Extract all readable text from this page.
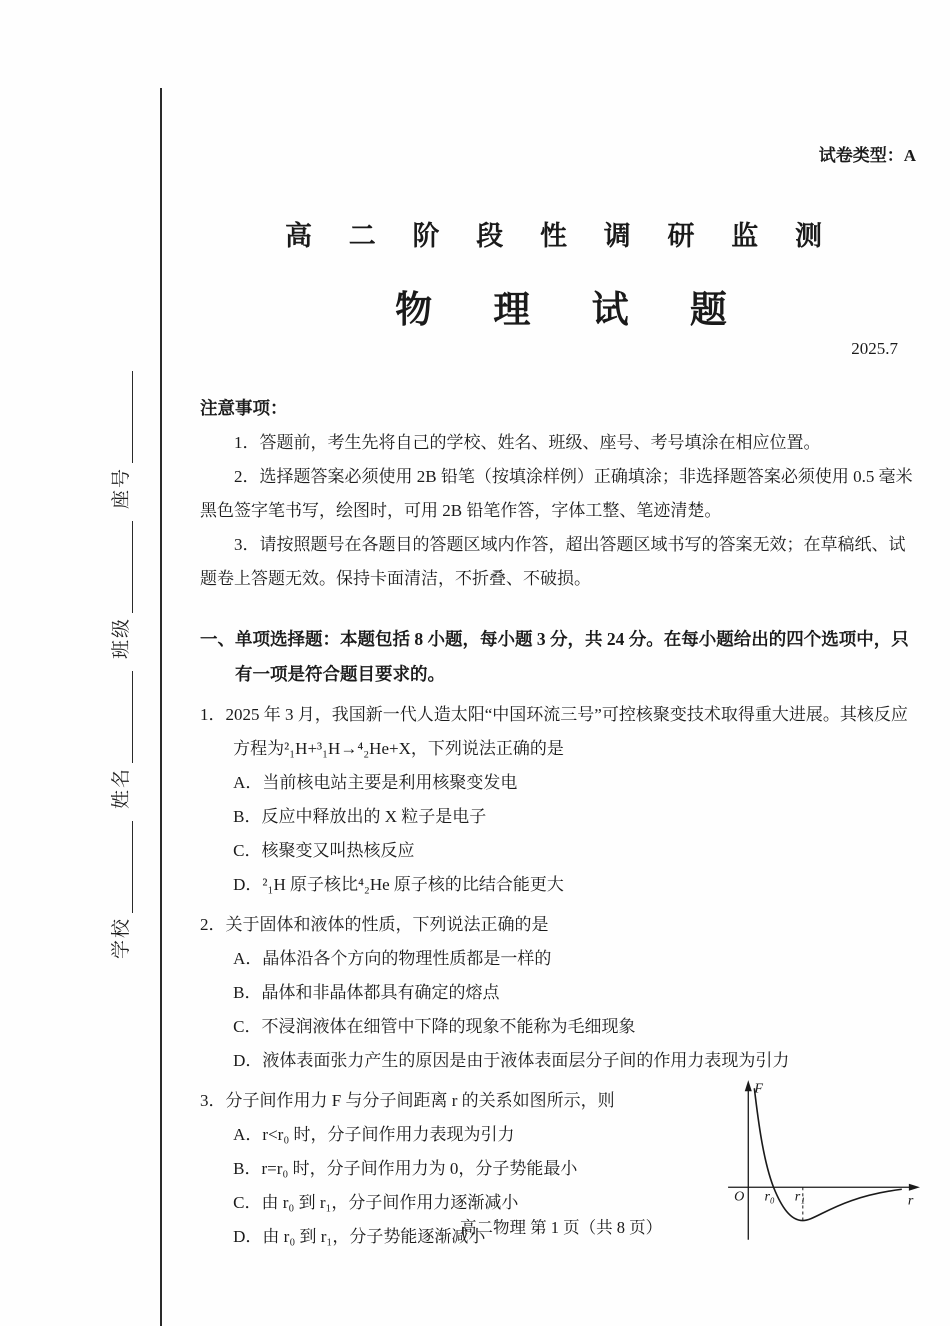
学校
姓名
班级
座号
试卷类型：A
高 二 阶 段 性 调 研 监 测
物 理 试 题
2025.7
注意事项：

1．答题前，考生先将自己的学校、姓名、班级、座号、考号填涂在相应位置。

2．选择题答案必须使用 2B 铅笔（按填涂样例）正确填涂；非选择题答案必须使用 0.5 毫米黑色签字笔书写，绘图时，可用 2B 铅笔作答，字体工整、笔迹清楚。

3．请按照题号在各题目的答题区域内作答，超出答题区域书写的答案无效；在草稿纸、试题卷上答题无效。保持卡面清洁，不折叠、不破损。

一、单项选择题：本题包括 8 小题，每小题 3 分，共 24 分。在每小题给出的四个选项中，只有一项是符合题目要求的。
1．2025 年 3 月，我国新一代人造太阳“中国环流三号”可控核聚变技术取得重大进展。其核反应方程为²₁H+³₁H→⁴₂He+X，下列说法正确的是
A．当前核电站主要是利用核聚变发电
B．反应中释放出的 X 粒子是电子
C．核聚变又叫热核反应
D．²₁H 原子核比⁴₂He 原子核的比结合能更大
2．关于固体和液体的性质，下列说法正确的是
A．晶体沿各个方向的物理性质都是一样的
B．晶体和非晶体都具有确定的熔点
C．不浸润液体在细管中下降的现象不能称为毛细现象
D．液体表面张力产生的原因是由于液体表面层分子间的作用力表现为引力
F
O r₀ r₁	r
3．分子间作用力 F 与分子间距离 r 的关系如图所示，则
A．r<r₀ 时，分子间作用力表现为引力
B．r=r₀ 时，分子间作用力为 0，分子势能最小
C．由 r₀ 到 r₁，分子间作用力逐渐减小
D．由 r₀ 到 r₁，分子势能逐渐减小
高二物理 第 1 页（共 8 页）
